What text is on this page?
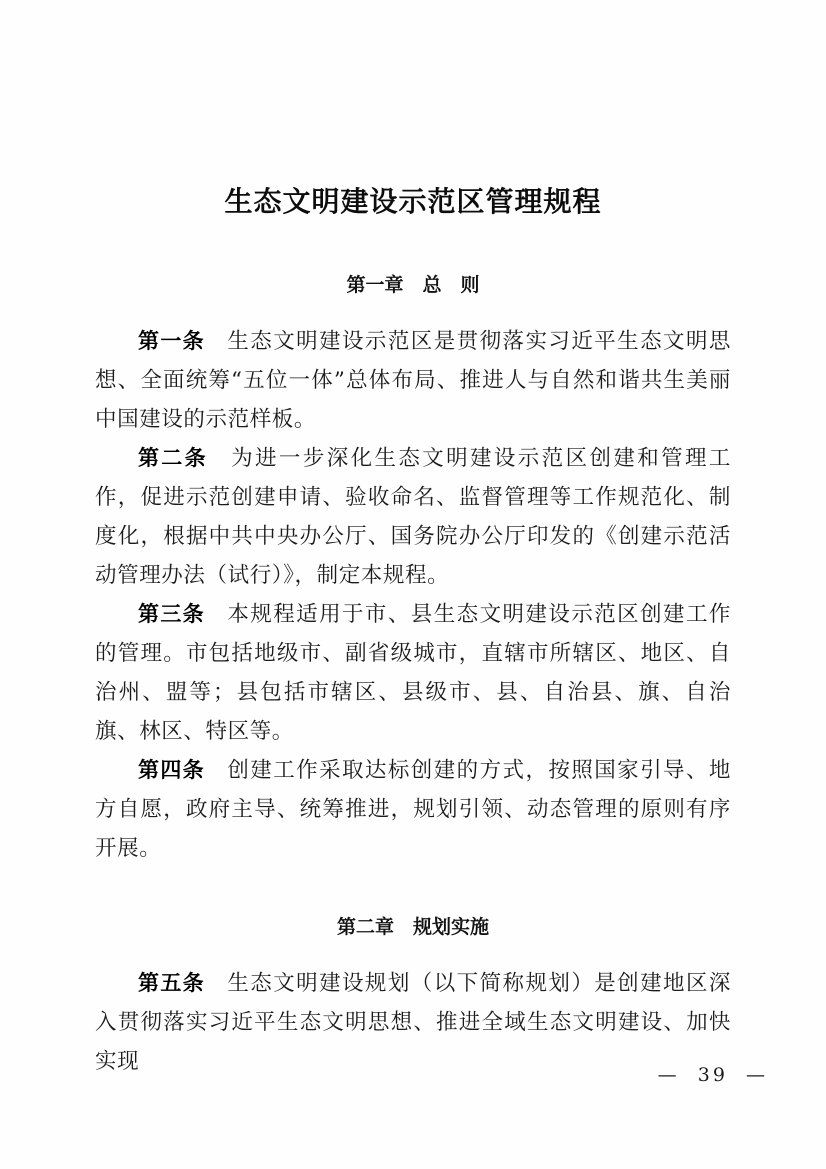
生态文明建设示范区管理规程
第一章　总　则

第一条　 生态文明建设示范区是贯彻落实习近平生态文明思想、全面统筹“五位一体”总体布局、推进人与自然和谐共生美丽中国建设的示范样板。

第二条　 为进一步深化生态文明建设示范区创建和管理工作，促进示范创建申请、验收命名、监督管理等工作规范化、制度化，根据中共中央办公厅、国务院办公厅印发的《创建示范活动管理办法（试行）》，制定本规程。

第三条　 本规程适用于市、县生态文明建设示范区创建工作的管理。市包括地级市、副省级城市，直辖市所辖区、地区、自治州、盟等；县包括市辖区、县级市、县、自治县、旗、自治旗、林区、特区等。

第四条　 创建工作采取达标创建的方式，按照国家引导、地方自愿，政府主导、统筹推进，规划引领、动态管理的原则有序开展。

第二章　规划实施

第五条　 生态文明建设规划（以下简称规划）是创建地区深入贯彻落实习近平生态文明思想、推进全域生态文明建设、加快实现

—  39  —
